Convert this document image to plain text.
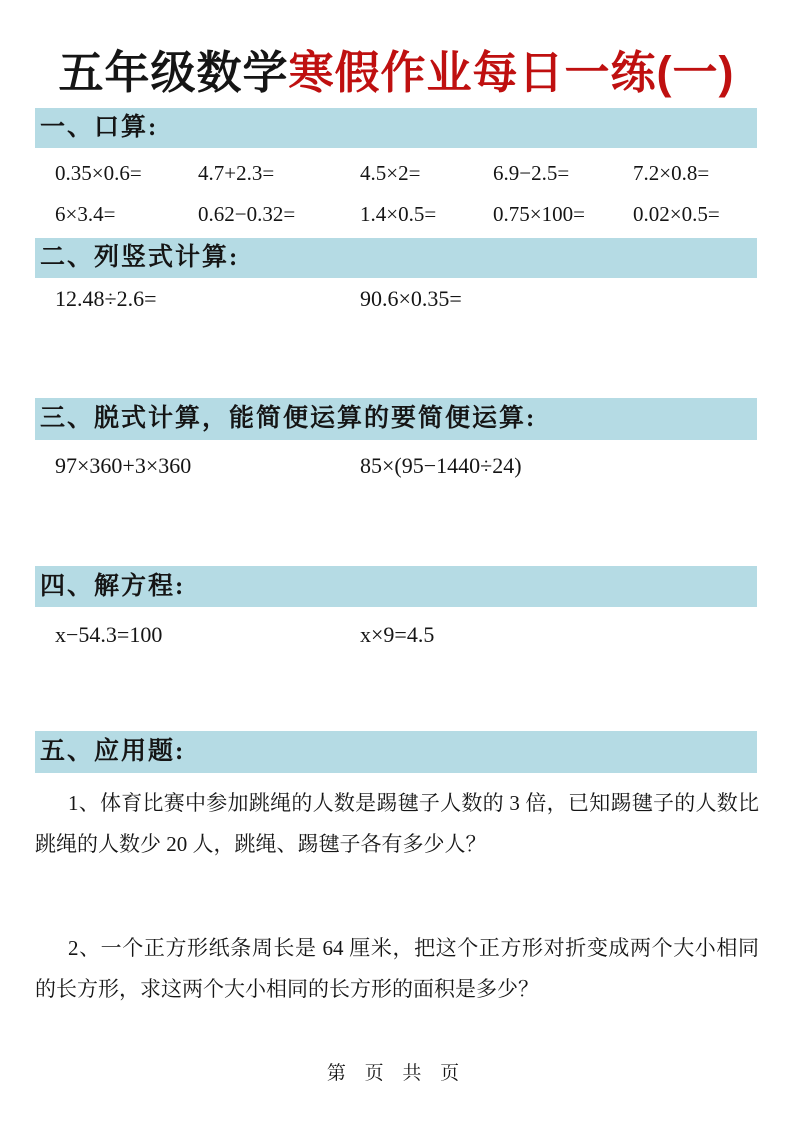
五年级数学寒假作业每日一练(一)
一、口算:
0.35×0.6=	4.7+2.3=	4.5×2=	6.9−2.5=	7.2×0.8=
6×3.4=	0.62−0.32=	1.4×0.5=	0.75×100=	0.02×0.5=
二、列竖式计算:
12.48÷2.6=	90.6×0.35=
三、脱式计算，能简便运算的要简便运算:
97×360+3×360	85×(95−1440÷24)
四、解方程:
x−54.3=100	x×9=4.5
五、应用题:

1、体育比赛中参加跳绳的人数是踢毽子人数的 3 倍，已知踢毽子的人数比跳绳的人数少 20 人，跳绳、踢毽子各有多少人？

2、一个正方形纸条周长是 64 厘米，把这个正方形对折变成两个大小相同的长方形，求这两个大小相同的长方形的面积是多少？

第 页 共 页
